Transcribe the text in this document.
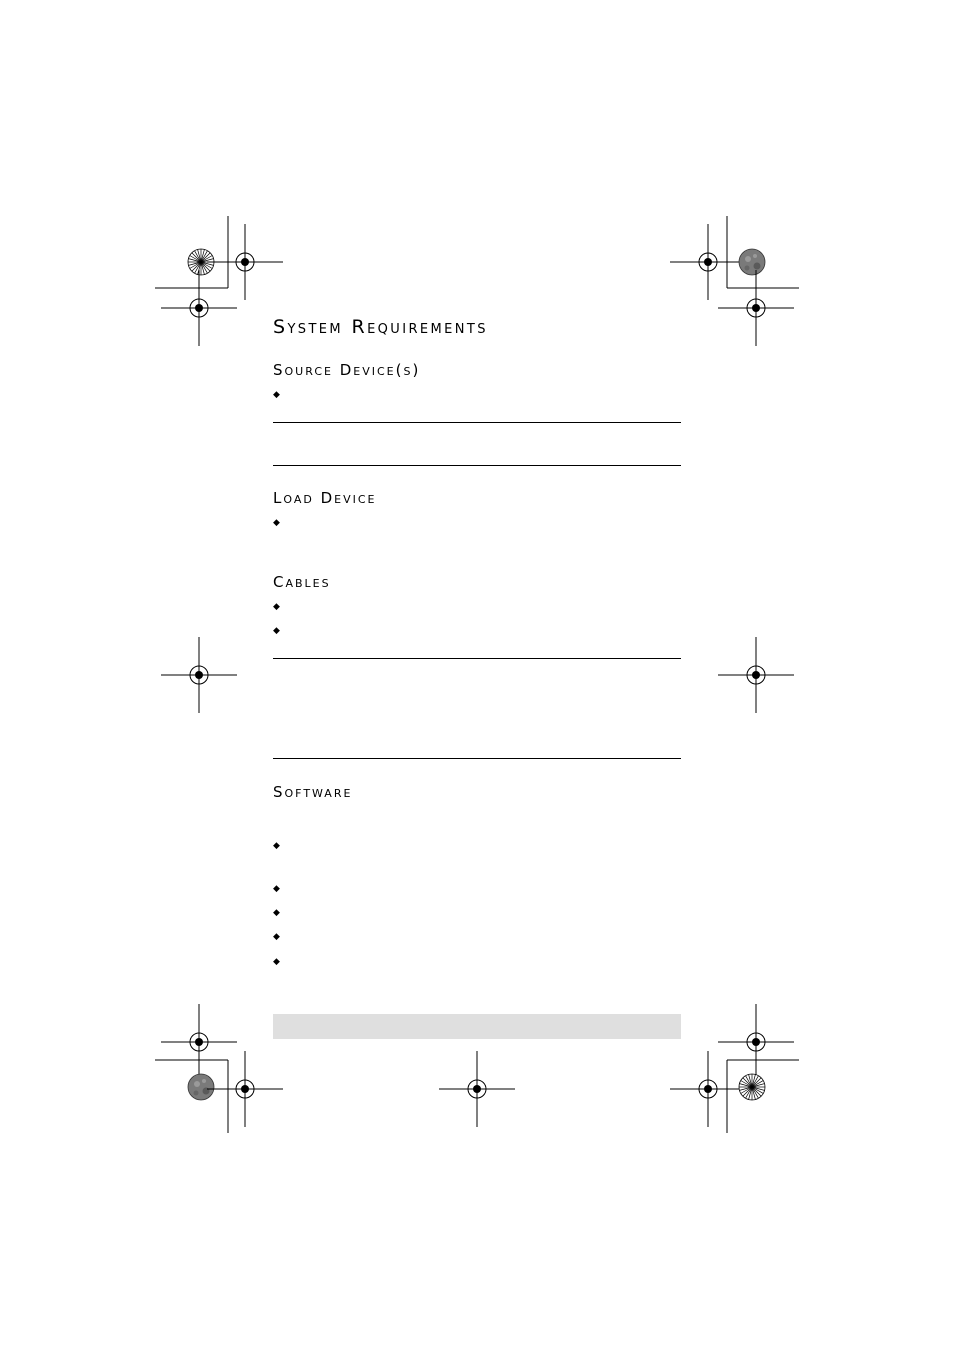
System Requirements
Source Device(s)
◆
Load Device
◆
Cables
◆
◆
Software
◆
◆
◆
◆
◆
